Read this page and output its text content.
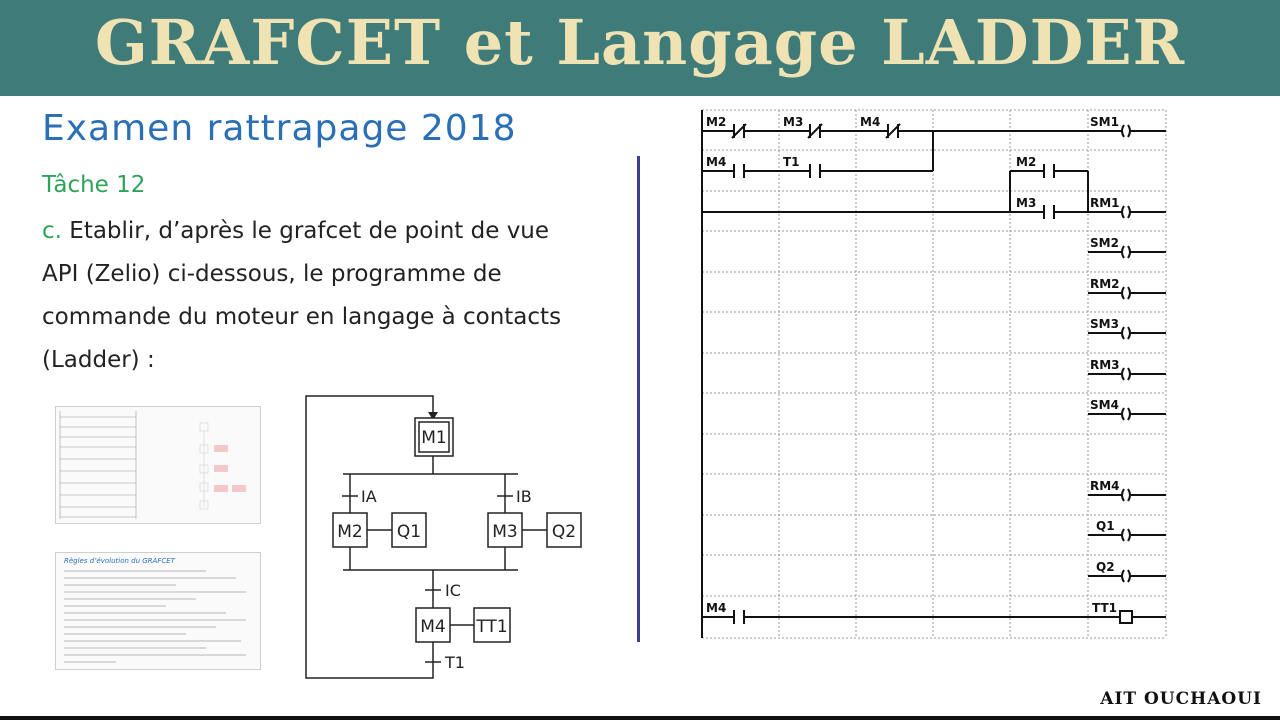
GRAFCET et Langage LADDER
Examen rattrapage 2018
Tâche 12
c. Etablir, d’après le grafcet de point de vue
API (Zelio) ci-dessous, le programme de
commande du moteur en langage à contacts
(Ladder) :
Règles d’évolution du GRAFCET
M1
M2 Q1	M3 Q2
M4 TT1
IA	IB
IC
T1
M2	M3	M4	SM1
M4	T1	M2
M3	RM1
SM2
RM2
SM3
RM3
SM4
RM4
Q1
Q2
M4	TT1
AIT OUCHAOUI
